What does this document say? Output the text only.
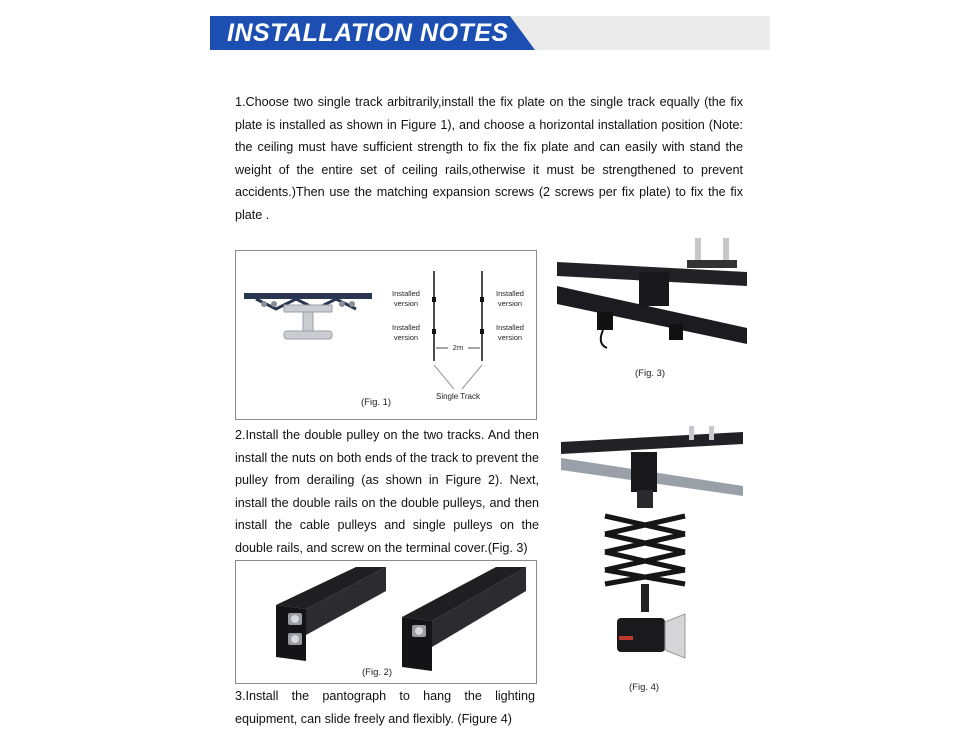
INSTALLATION NOTES
1.Choose two single track arbitrarily,install the fix plate on the single track equally (the fix plate is installed as shown in Figure 1), and choose a horizontal installation position (Note: the ceiling must have sufficient strength to fix the fix plate and can easily with stand the weight of the entire set of ceiling rails,otherwise it must be strengthened to prevent accidents.)Then use the matching expansion screws (2 screws per fix plate) to fix the fix plate .
Installed
version
Installed
version
Installed
version
Installed
version
2m
Single Track
(Fig. 1)
2.Install the double pulley on the two tracks. And then install the nuts on both ends of the track to prevent the pulley from derailing (as shown in Figure 2). Next, install the double rails on the double pulleys, and then install the cable pulleys and single pulleys on the double rails, and screw on the terminal cover.(Fig. 3)
(Fig. 2)
3.Install the pantograph to hang the lighting equipment, can slide freely and flexibly. (Figure 4)
(Fig. 3)
(Fig. 4)
